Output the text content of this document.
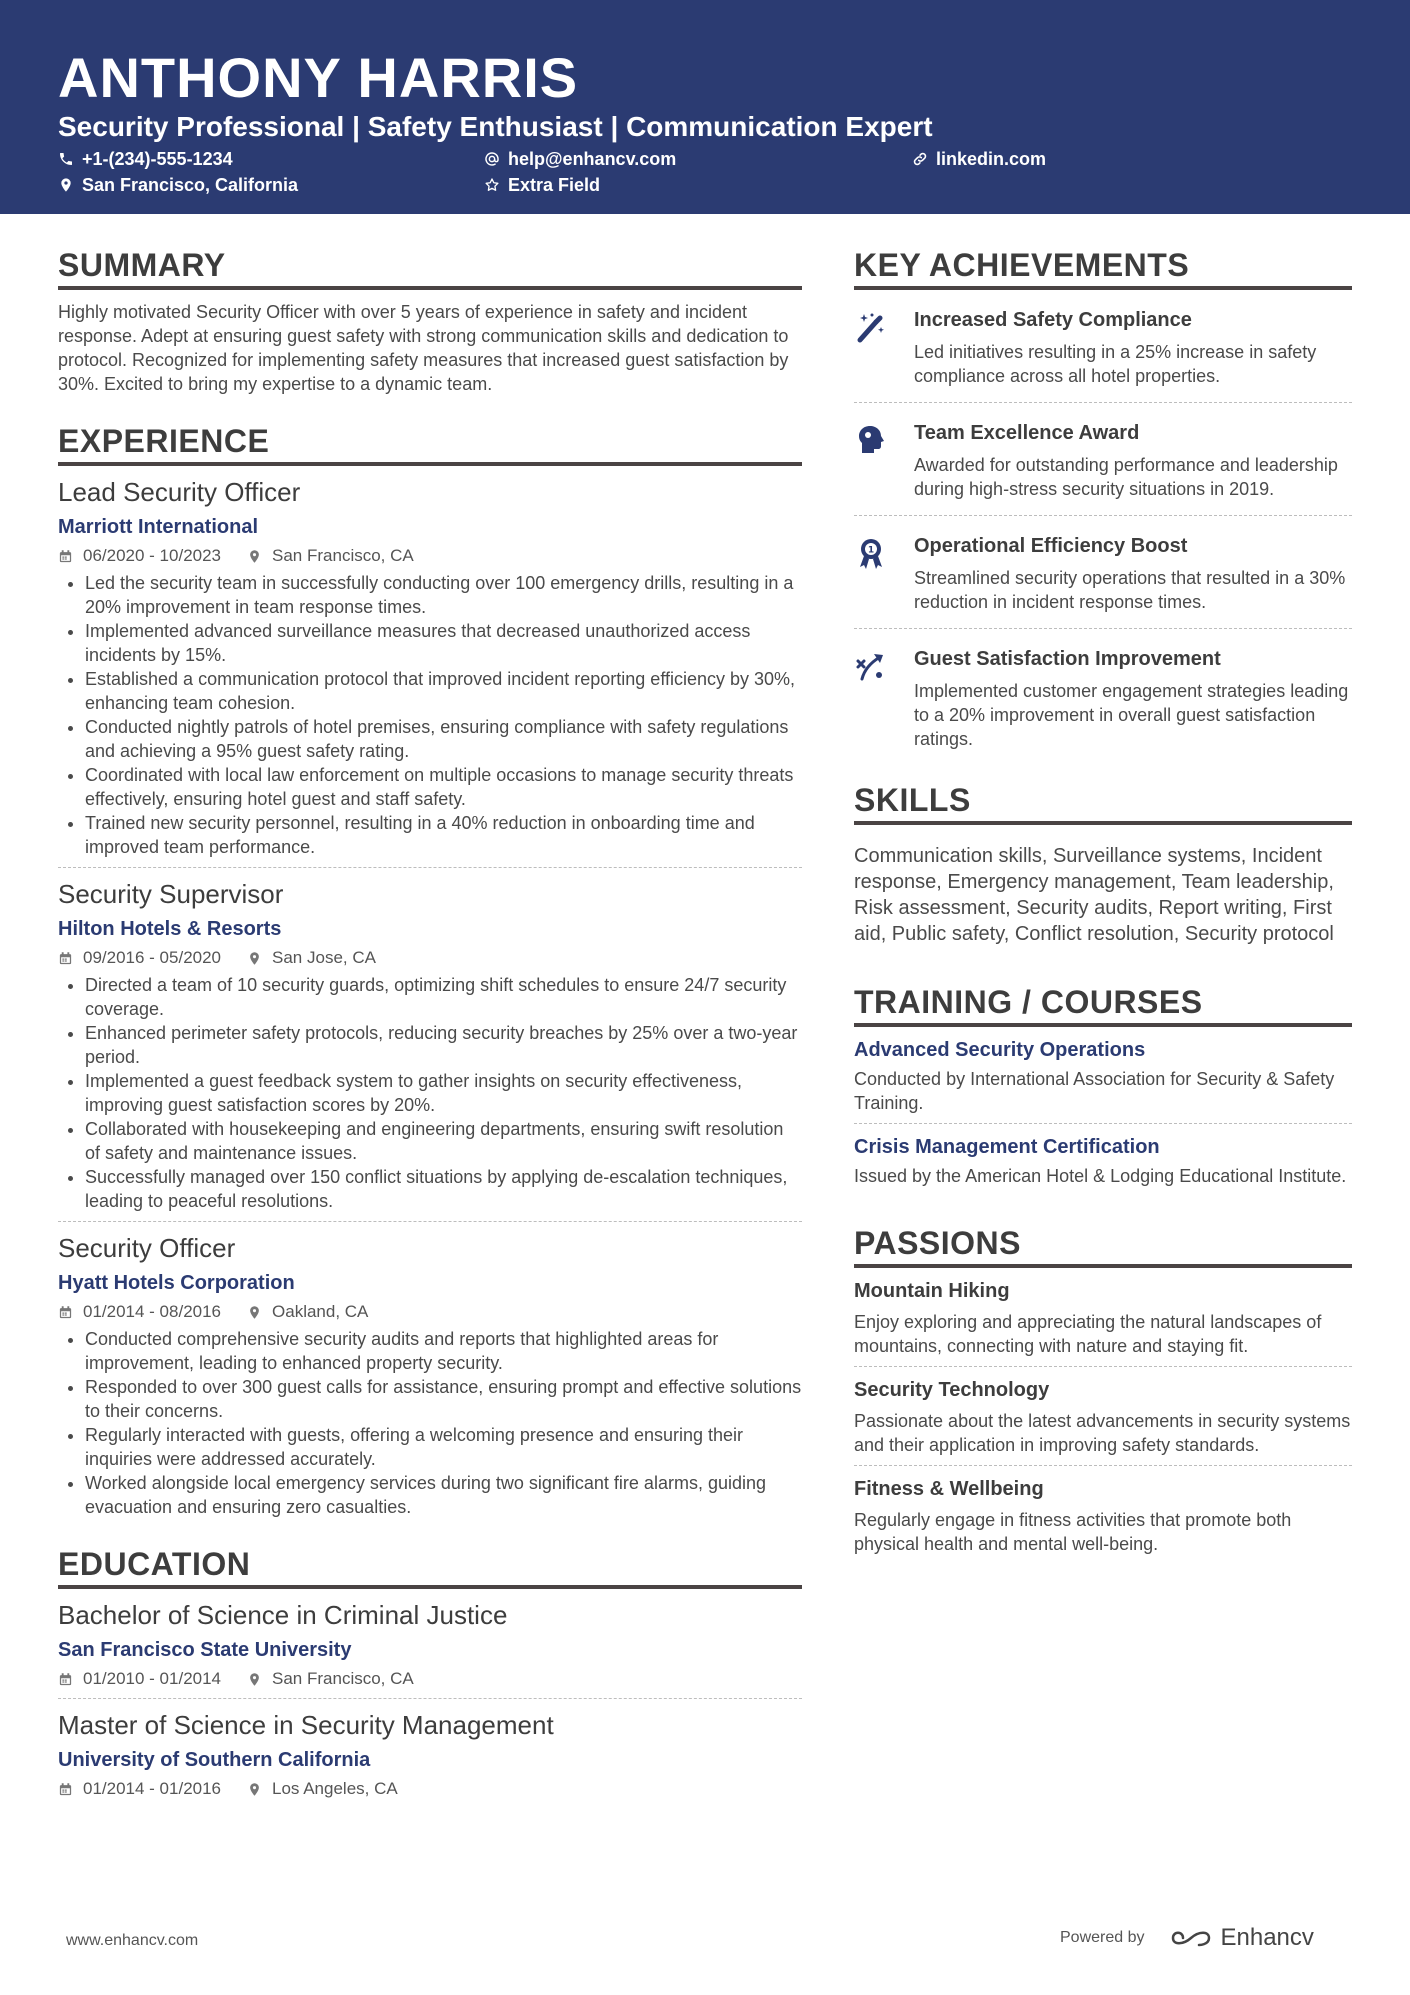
ANTHONY HARRIS
Security Professional | Safety Enthusiast | Communication Expert
+1-(234)-555-1234	help@enhancv.com	linkedin.com
San Francisco, California	Extra Field
SUMMARY
Highly motivated Security Officer with over 5 years of experience in safety and incident response. Adept at ensuring guest safety with strong communication skills and dedication to protocol. Recognized for implementing safety measures that increased guest satisfaction by 30%. Excited to bring my expertise to a dynamic team.
EXPERIENCE
Lead Security Officer
Marriott International
06/2020 - 10/2023	San Francisco, CA
• Led the security team in successfully conducting over 100 emergency drills, resulting in a 20% improvement in team response times.
• Implemented advanced surveillance measures that decreased unauthorized access incidents by 15%.
• Established a communication protocol that improved incident reporting efficiency by 30%, enhancing team cohesion.
• Conducted nightly patrols of hotel premises, ensuring compliance with safety regulations and achieving a 95% guest safety rating.
• Coordinated with local law enforcement on multiple occasions to manage security threats effectively, ensuring hotel guest and staff safety.
• Trained new security personnel, resulting in a 40% reduction in onboarding time and improved team performance.
Security Supervisor
Hilton Hotels & Resorts
09/2016 - 05/2020	San Jose, CA
• Directed a team of 10 security guards, optimizing shift schedules to ensure 24/7 security coverage.
• Enhanced perimeter safety protocols, reducing security breaches by 25% over a two-year period.
• Implemented a guest feedback system to gather insights on security effectiveness, improving guest satisfaction scores by 20%.
• Collaborated with housekeeping and engineering departments, ensuring swift resolution of safety and maintenance issues.
• Successfully managed over 150 conflict situations by applying de-escalation techniques, leading to peaceful resolutions.
Security Officer
Hyatt Hotels Corporation
01/2014 - 08/2016	Oakland, CA
• Conducted comprehensive security audits and reports that highlighted areas for improvement, leading to enhanced property security.
• Responded to over 300 guest calls for assistance, ensuring prompt and effective solutions to their concerns.
• Regularly interacted with guests, offering a welcoming presence and ensuring their inquiries were addressed accurately.
• Worked alongside local emergency services during two significant fire alarms, guiding evacuation and ensuring zero casualties.
EDUCATION
Bachelor of Science in Criminal Justice
San Francisco State University
01/2010 - 01/2014	San Francisco, CA
Master of Science in Security Management
University of Southern California
01/2014 - 01/2016	Los Angeles, CA
KEY ACHIEVEMENTS
Increased Safety Compliance
Led initiatives resulting in a 25% increase in safety compliance across all hotel properties.
Team Excellence Award
Awarded for outstanding performance and leadership during high-stress security situations in 2019.
1 Operational Efficiency Boost
Streamlined security operations that resulted in a 30% reduction in incident response times.
Guest Satisfaction Improvement
Implemented customer engagement strategies leading to a 20% improvement in overall guest satisfaction ratings.
SKILLS
Communication skills, Surveillance systems, Incident response, Emergency management, Team leadership, Risk assessment, Security audits, Report writing, First aid, Public safety, Conflict resolution, Security protocol
TRAINING / COURSES
Advanced Security Operations
Conducted by International Association for Security & Safety Training.
Crisis Management Certification
Issued by the American Hotel & Lodging Educational Institute.
PASSIONS
Mountain Hiking
Enjoy exploring and appreciating the natural landscapes of mountains, connecting with nature and staying fit.
Security Technology
Passionate about the latest advancements in security systems and their application in improving safety standards.
Fitness & Wellbeing
Regularly engage in fitness activities that promote both physical health and mental well-being.
www.enhancv.com	Powered by	Enhancv
